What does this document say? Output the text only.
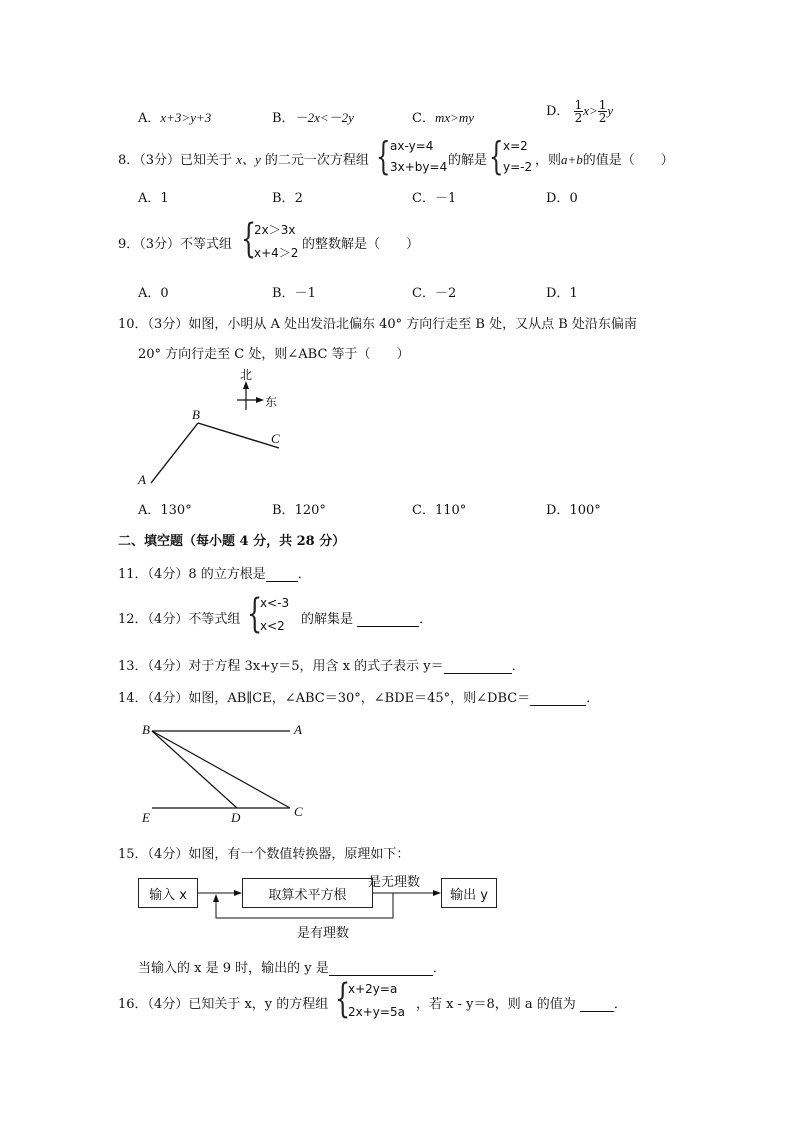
A．x+3>y+3	B．－2x<－2y	C．mx>my	D． $\frac{1}{2} x> \frac{1}{2}$ y
8．（3分）已知关于 x、y 的二元一次方程组 { ax-y=4
3x+by=4 的解是 { x=2
y=-2 ，则a+b的值是（　　）
A．1	B．2	C．－1	D．0
9．（3分）不等式组 {
2x＞3x
x+4＞2
的整数解是（　　）
A．0	B．－1	C．－2	D．1
10．（3分）如图，小明从 A 处出发沿北偏东 40° 方向行走至 B 处，又从点 B 处沿东偏南
20° 方向行走至 C 处，则∠ABC 等于（　　）
北
东
A
B
C
A．130°	B．120°	C．110°	D．100°
二、填空题（每小题 4 分，共 28 分）
11．（4分）8 的立方根是 ．
12．（4分）不等式组 {
x<-3
x<2 的解集是	．
13．（4分）对于方程 3x+y＝5，用含 x 的式子表示 y＝	．
14．（4分）如图，AB∥CE，∠ABC＝30°，∠BDE＝45°，则∠DBC＝	．
B	A
E	D	C
15．（4分）如图，有一个数值转换器，原理如下：
输入 x	取算术平方根	输出 y
是无理数
是有理数
当输入的 x 是 9 时，输出的 y 是	．
16．（4分）已知关于 x，y 的方程组 {
x+2y=a
2x+y=5a ，若 x - y＝8，则 a 的值为	．
